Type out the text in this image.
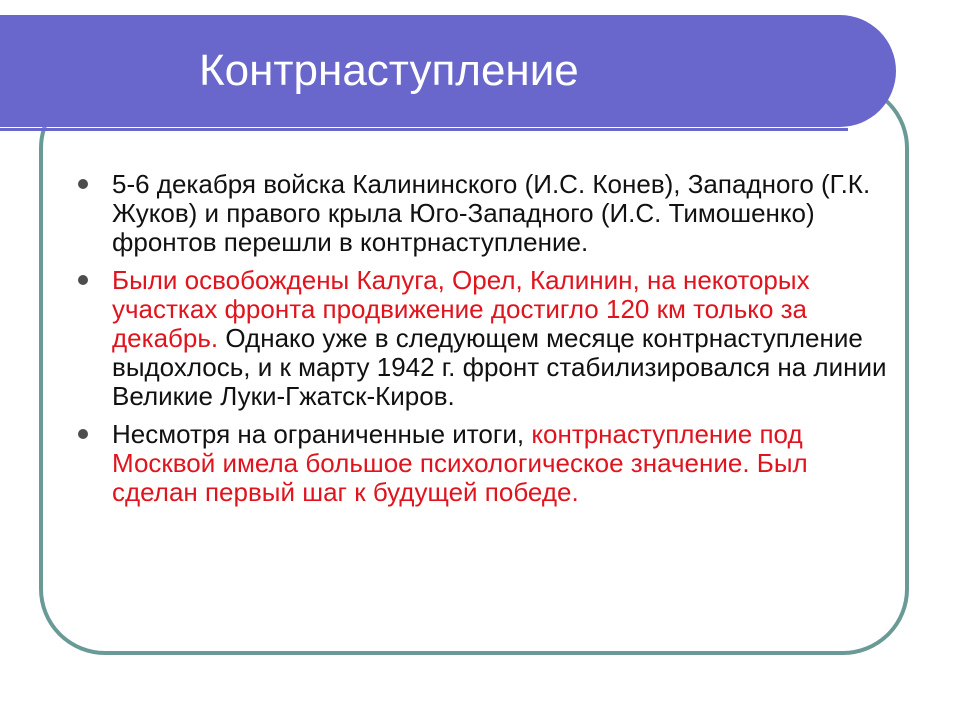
Контрнаступление
5-6 декабря войска Калининского (И.С. Конев), Западного (Г.К. Жуков) и правого крыла Юго-Западного (И.С. Тимошенко) фронтов перешли в контрнаступление.
Были освобождены Калуга, Орел, Калинин, на некоторых участках фронта продвижение достигло 120 км только за декабрь. Однако уже в следующем месяце контрнаступление выдохлось, и к марту 1942 г. фронт стабилизировался на линии Великие Луки-Гжатск-Киров.
Несмотря на ограниченные итоги, контрнаступление под Москвой имела большое психологическое значение. Был сделан первый шаг к будущей победе.
